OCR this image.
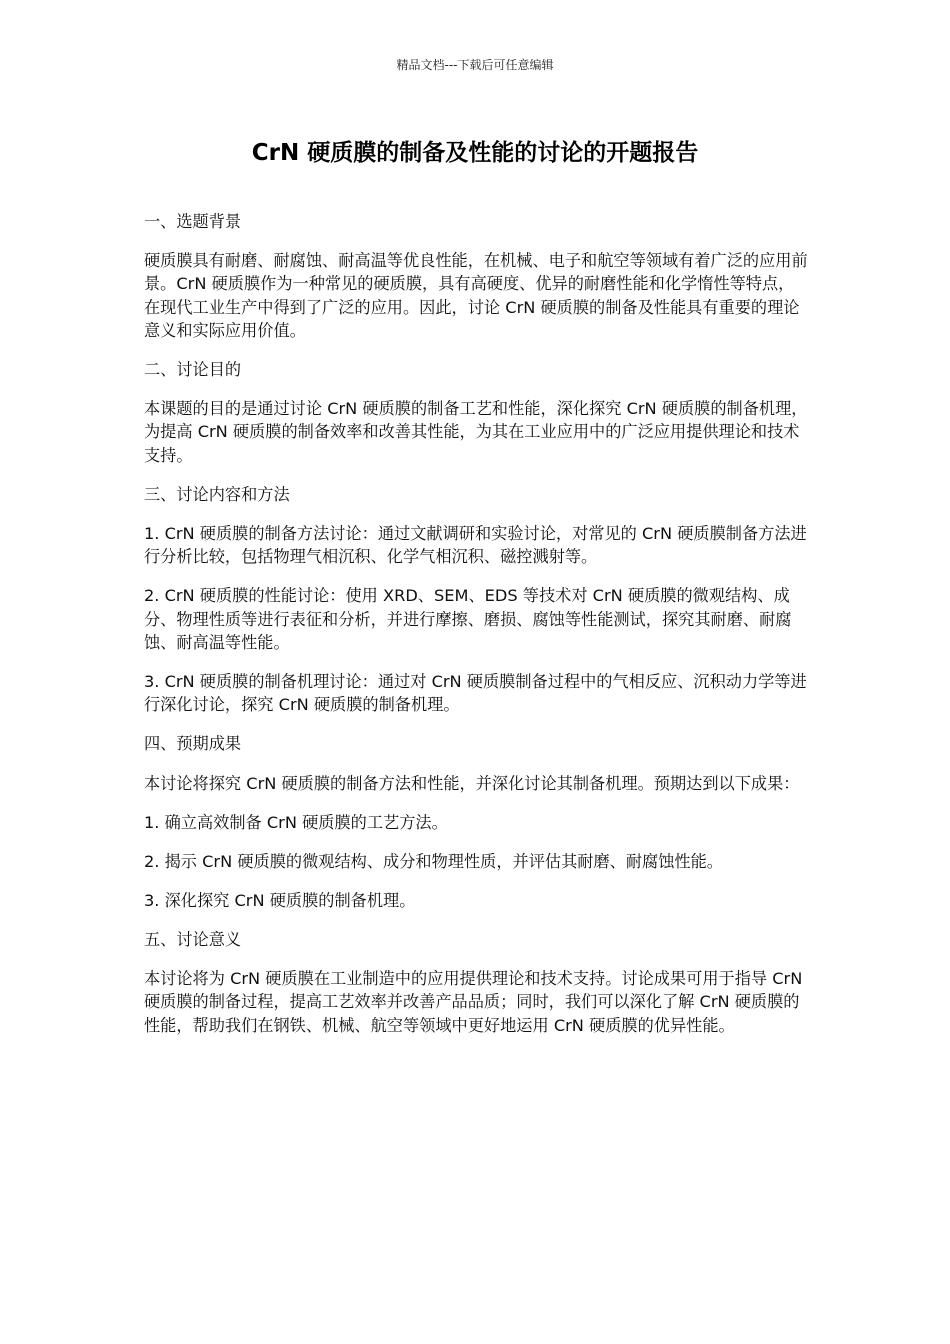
精品文档---下载后可任意编辑
CrN 硬质膜的制备及性能的讨论的开题报告
一、选题背景
硬质膜具有耐磨、耐腐蚀、耐高温等优良性能，在机械、电子和航空等领域有着广泛的应用前景。CrN 硬质膜作为一种常见的硬质膜，具有高硬度、优异的耐磨性能和化学惰性等特点，在现代工业生产中得到了广泛的应用。因此，讨论 CrN 硬质膜的制备及性能具有重要的理论意义和实际应用价值。
二、讨论目的
本课题的目的是通过讨论 CrN 硬质膜的制备工艺和性能，深化探究 CrN 硬质膜的制备机理，为提高 CrN 硬质膜的制备效率和改善其性能，为其在工业应用中的广泛应用提供理论和技术支持。
三、讨论内容和方法
1. CrN 硬质膜的制备方法讨论：通过文献调研和实验讨论，对常见的 CrN 硬质膜制备方法进行分析比较，包括物理气相沉积、化学气相沉积、磁控溅射等。
2. CrN 硬质膜的性能讨论：使用 XRD、SEM、EDS 等技术对 CrN 硬质膜的微观结构、成分、物理性质等进行表征和分析，并进行摩擦、磨损、腐蚀等性能测试，探究其耐磨、耐腐蚀、耐高温等性能。
3. CrN 硬质膜的制备机理讨论：通过对 CrN 硬质膜制备过程中的气相反应、沉积动力学等进行深化讨论，探究 CrN 硬质膜的制备机理。
四、预期成果
本讨论将探究 CrN 硬质膜的制备方法和性能，并深化讨论其制备机理。预期达到以下成果：
1. 确立高效制备 CrN 硬质膜的工艺方法。
2. 揭示 CrN 硬质膜的微观结构、成分和物理性质，并评估其耐磨、耐腐蚀性能。
3. 深化探究 CrN 硬质膜的制备机理。
五、讨论意义
本讨论将为 CrN 硬质膜在工业制造中的应用提供理论和技术支持。讨论成果可用于指导 CrN 硬质膜的制备过程，提高工艺效率并改善产品品质；同时，我们可以深化了解 CrN 硬质膜的性能，帮助我们在钢铁、机械、航空等领域中更好地运用 CrN 硬质膜的优异性能。
